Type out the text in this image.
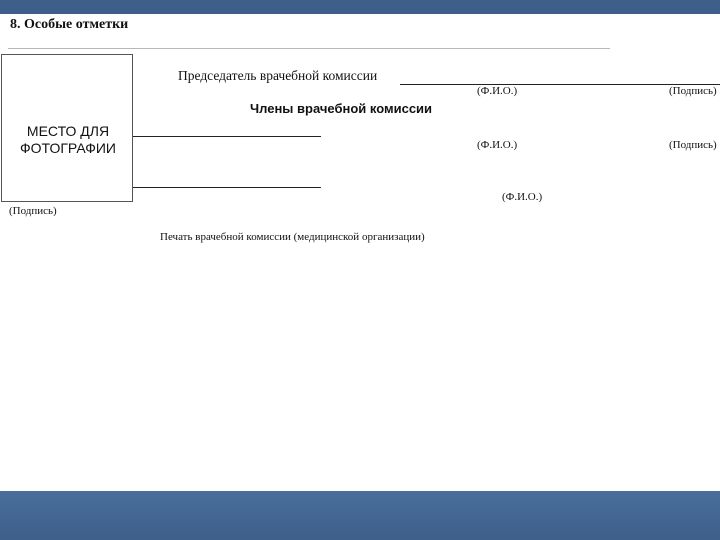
8. Особые отметки
МЕСТО ДЛЯ ФОТОГРАФИИ
Председатель врачебной комиссии
(Ф.И.О.)	(Подпись)
Члены врачебной комиссии
(Ф.И.О.)	(Подпись)
(Ф.И.О.)
(Подпись)
Печать врачебной комиссии (медицинской организации)
